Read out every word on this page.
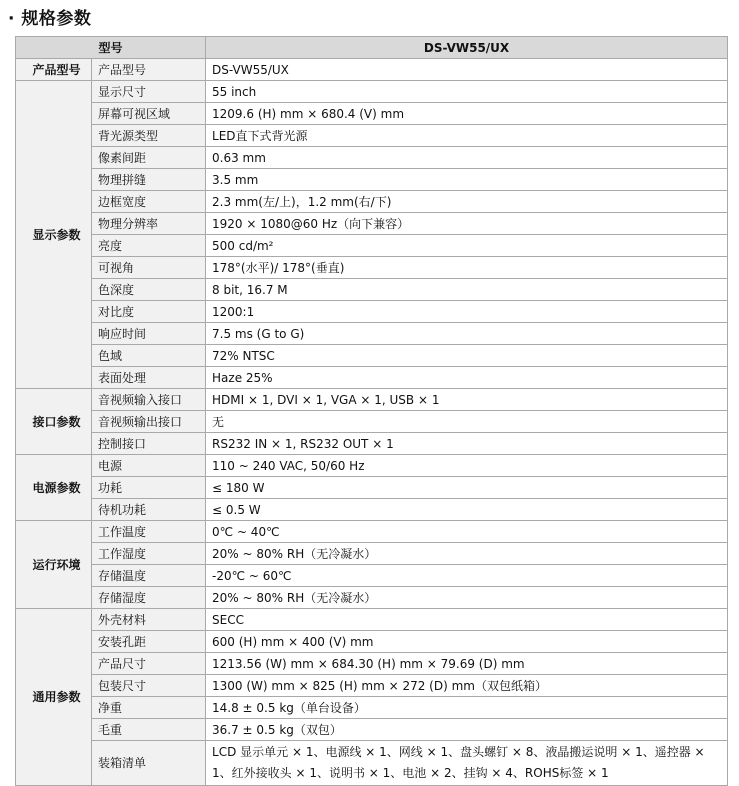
· 规格参数
型号		DS-VW55/UX
产品型号	产品型号	DS-VW55/UX
显示参数	显示尺寸	55 inch
	屏幕可视区域	1209.6 (H) mm × 680.4 (V) mm
	背光源类型	LED直下式背光源
	像素间距	0.63 mm
	物理拼缝	3.5 mm
	边框宽度	2.3 mm(左/上)，1.2 mm(右/下)
	物理分辨率	1920 × 1080@60 Hz（向下兼容）
	亮度	500 cd/m²
	可视角	178°(水平)/ 178°(垂直)
	色深度	8 bit, 16.7 M
	对比度	1200:1
	响应时间	7.5 ms (G to G)
	色域	72% NTSC
	表面处理	Haze 25%
接口参数	音视频输入接口	HDMI × 1, DVI × 1, VGA × 1, USB × 1
	音视频输出接口	无
	控制接口	RS232 IN × 1, RS232 OUT × 1
电源参数	电源	110 ~ 240 VAC, 50/60 Hz
	功耗	≤ 180 W
	待机功耗	≤ 0.5 W
运行环境	工作温度	0℃ ~ 40℃
	工作湿度	20% ~ 80% RH（无冷凝水）
	存储温度	-20℃ ~ 60℃
	存储湿度	20% ~ 80% RH（无冷凝水）
通用参数	外壳材料	SECC
	安装孔距	600 (H) mm × 400 (V) mm
	产品尺寸	1213.56 (W) mm × 684.30 (H) mm × 79.69 (D) mm
	包装尺寸	1300 (W) mm × 825 (H) mm × 272 (D) mm（双包纸箱）
	净重	14.8 ± 0.5 kg（单台设备）
	毛重	36.7 ± 0.5 kg（双包）
	装箱清单	LCD 显示单元 × 1、电源线 × 1、网线 × 1、盘头螺钉 × 8、液晶搬运说明 × 1、遥控器 × 1、红外接收头 × 1、说明书 × 1、电池 × 2、挂钩 × 4、ROHS标签 × 1
